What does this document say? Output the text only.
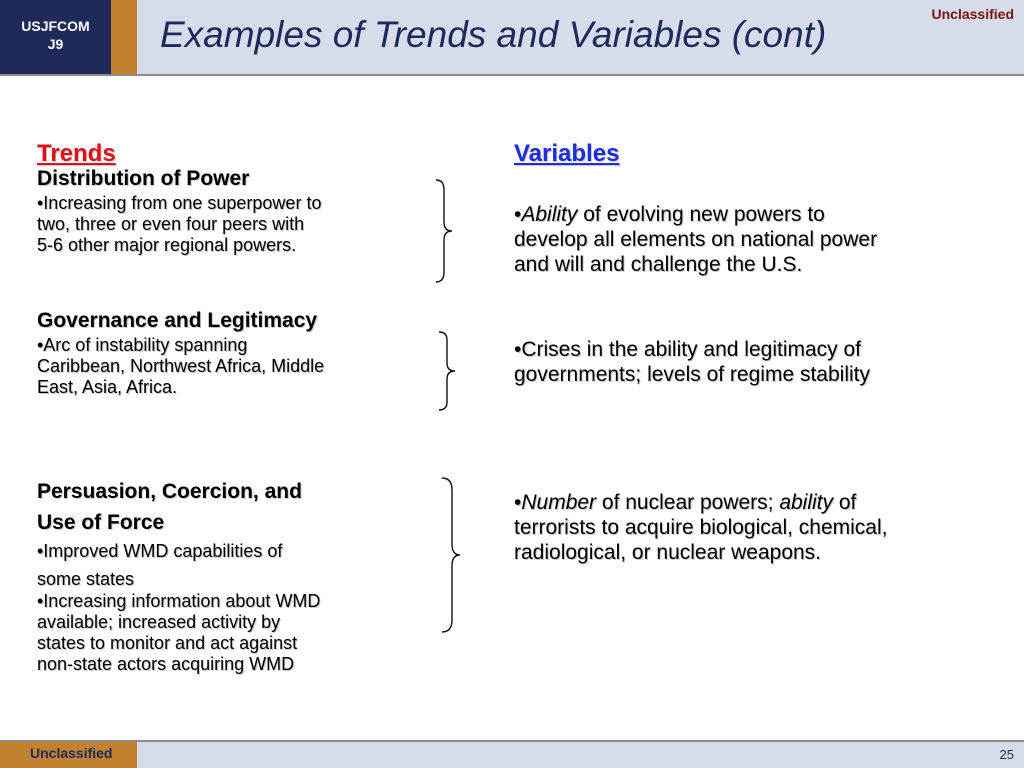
USJFCOM
J9	Examples of Trends and Variables (cont)	Unclassified
Trends
Distribution of Power
•Increasing from one superpower to
two, three or even four peers with
5-6 other major regional powers.
Governance and Legitimacy
•Arc of instability spanning
Caribbean, Northwest Africa, Middle
East, Asia, Africa.
Persuasion, Coercion, and
Use of Force
•Improved WMD capabilities of
some states
•Increasing information about WMD
available; increased activity by
states to monitor and act against
non-state actors acquiring WMD
Variables
•Ability of evolving new powers to
develop all elements on national power
and will and challenge the U.S.
•Crises in the ability and legitimacy of
governments; levels of regime stability
•Number of nuclear powers; ability of
terrorists to acquire biological, chemical,
radiological, or nuclear weapons.
Unclassified	25
